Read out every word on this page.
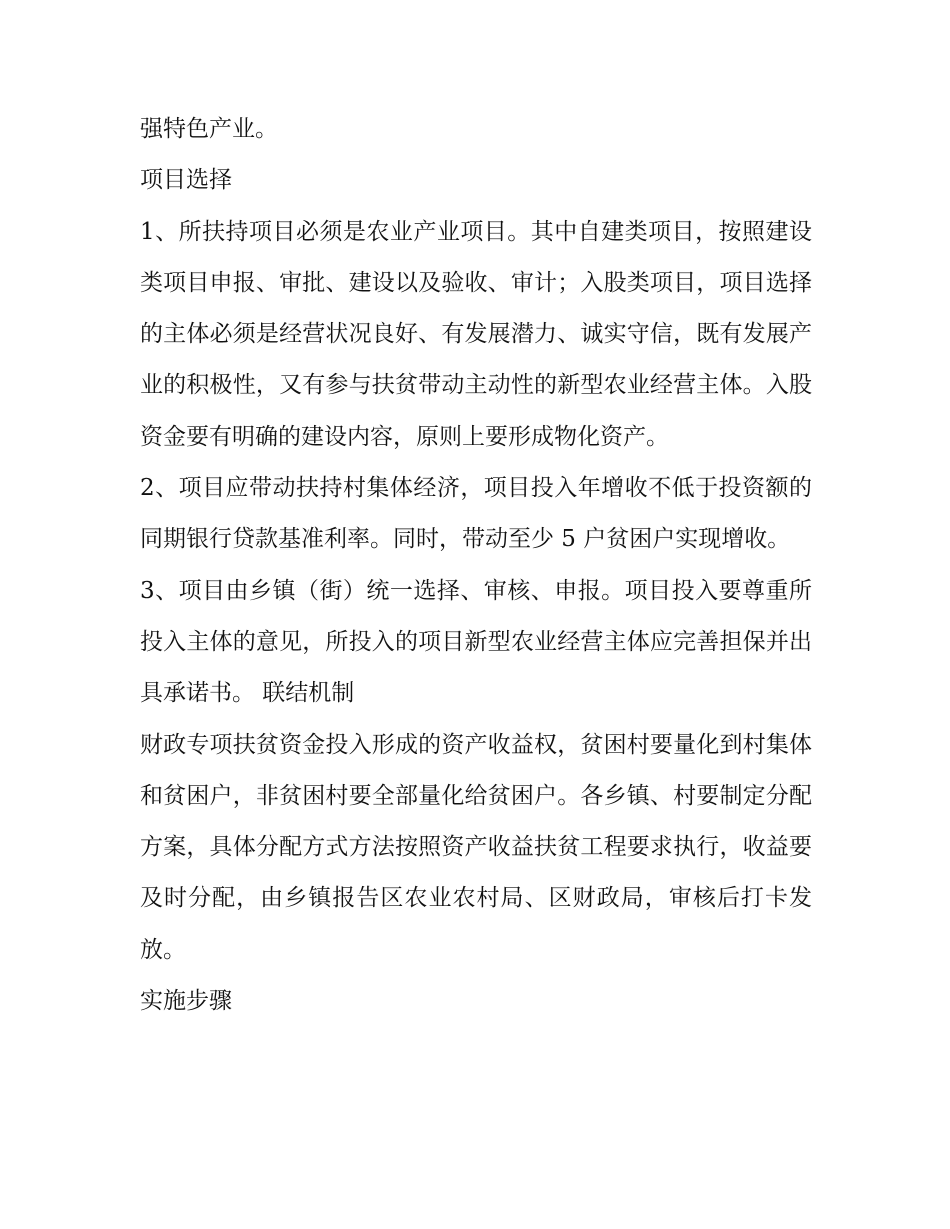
强特色产业。

项目选择

1、所扶持项目必须是农业产业项目。其中自建类项目，按照建设类项目申报、审批、建设以及验收、审计；入股类项目，项目选择的主体必须是经营状况良好、有发展潜力、诚实守信，既有发展产业的积极性，又有参与扶贫带动主动性的新型农业经营主体。入股资金要有明确的建设内容，原则上要形成物化资产。

2、项目应带动扶持村集体经济，项目投入年增收不低于投资额的同期银行贷款基准利率。同时，带动至少 5 户贫困户实现增收。

3、项目由乡镇（街）统一选择、审核、申报。项目投入要尊重所投入主体的意见，所投入的项目新型农业经营主体应完善担保并出具承诺书。 联结机制

财政专项扶贫资金投入形成的资产收益权，贫困村要量化到村集体和贫困户，非贫困村要全部量化给贫困户。各乡镇、村要制定分配方案，具体分配方式方法按照资产收益扶贫工程要求执行，收益要及时分配，由乡镇报告区农业农村局、区财政局，审核后打卡发放。

实施步骤
